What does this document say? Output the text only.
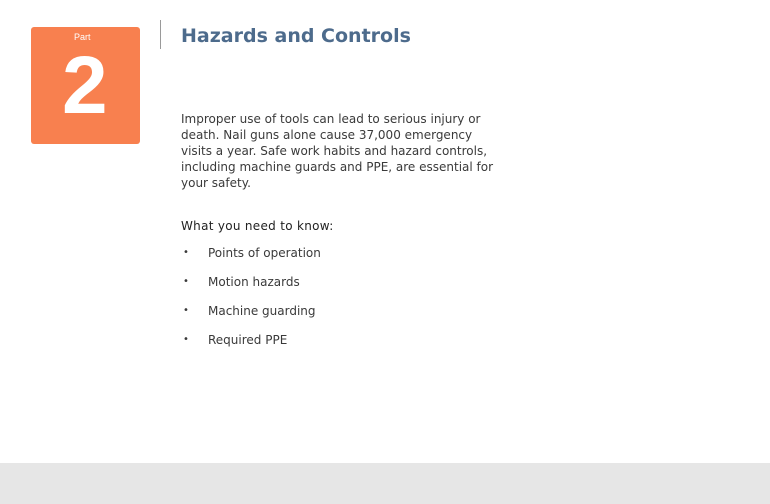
Part
2
Hazards and Controls

Improper use of tools can lead to serious injury or death. Nail guns alone cause 37,000 emergency visits a year. Safe work habits and hazard controls, including machine guards and PPE, are essential for your safety.

What you need to know:

• Points of operation
• Motion hazards
• Machine guarding
• Required PPE
